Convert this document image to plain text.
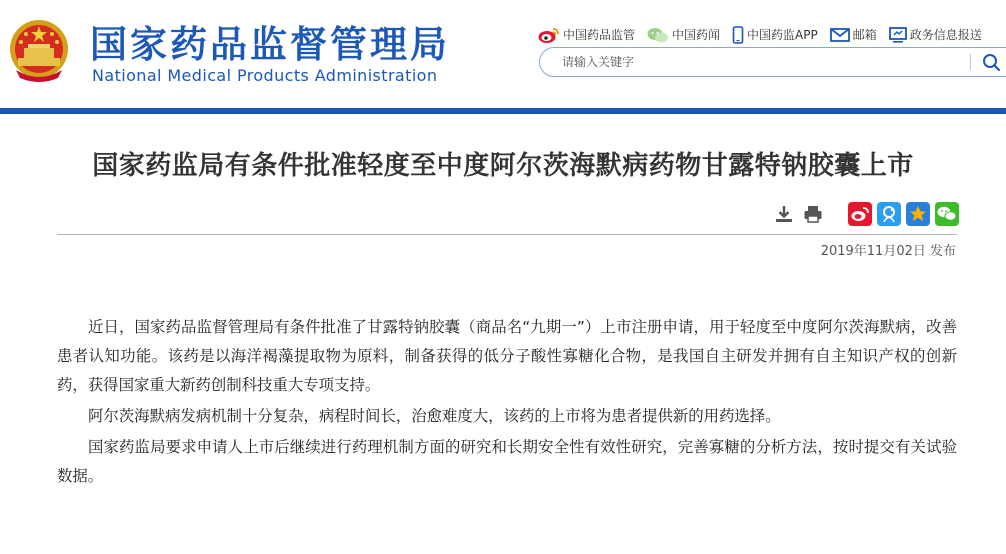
国家药品监督管理局
National Medical Products Administration
中国药品监管	中国药闻 中国药监APP	邮箱	政务信息报送
请输入关键字
国家药监局有条件批准轻度至中度阿尔茨海默病药物甘露特钠胶囊上市
2019年11月02日 发布

近日，国家药品监督管理局有条件批准了甘露特钠胶囊（商品名“九期一”）上市注册申请，用于轻度至中度阿尔茨海默病，改善患者认知功能。该药是以海洋褐藻提取物为原料，制备获得的低分子酸性寡糖化合物，是我国自主研发并拥有自主知识产权的创新药，获得国家重大新药创制科技重大专项支持。

阿尔茨海默病发病机制十分复杂，病程时间长，治愈难度大，该药的上市将为患者提供新的用药选择。

国家药监局要求申请人上市后继续进行药理机制方面的研究和长期安全性有效性研究，完善寡糖的分析方法，按时提交有关试验数据。
